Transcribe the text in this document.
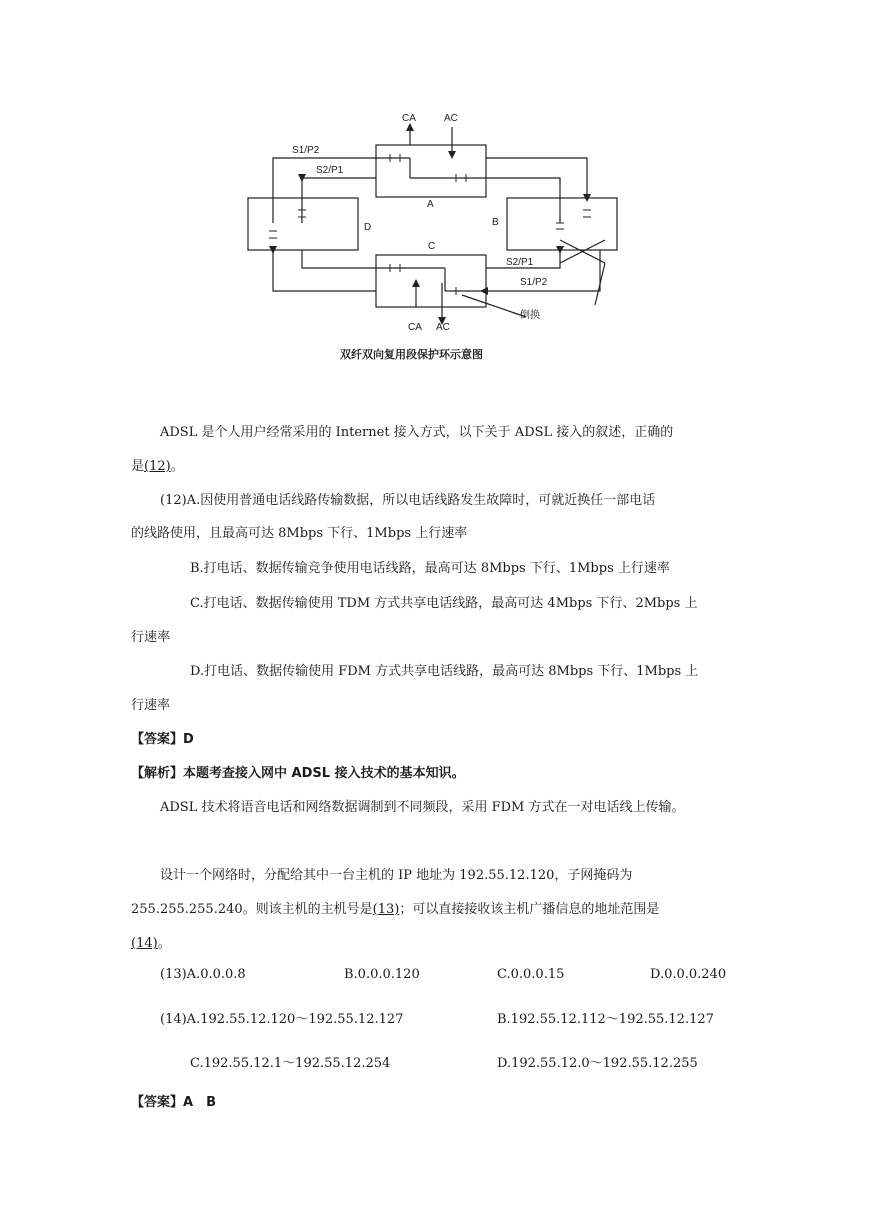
CA	AC
S1/P2
S2/P1
A
D	B
C
S2/P1
S1/P2
CA AC
倒换
双纤双向复用段保护环示意图
ADSL 是个人用户经常采用的 Internet 接入方式，以下关于 ADSL 接入的叙述，正确的
是(12)。
(12)A.因使用普通电话线路传输数据，所以电话线路发生故障时，可就近换任一部电话
的线路使用，且最高可达 8Mbps 下行、1Mbps 上行速率
B.打电话、数据传输竞争使用电话线路，最高可达 8Mbps 下行、1Mbps 上行速率
C.打电话、数据传输使用 TDM 方式共享电话线路，最高可达 4Mbps 下行、2Mbps 上
行速率
D.打电话、数据传输使用 FDM 方式共享电话线路，最高可达 8Mbps 下行、1Mbps 上
行速率
【答案】D
【解析】本题考查接入网中 ADSL 接入技术的基本知识。
ADSL 技术将语音电话和网络数据调制到不同频段，采用 FDM 方式在一对电话线上传输。
设计一个网络时，分配给其中一台主机的 IP 地址为 192.55.12.120，子网掩码为
255.255.255.240。则该主机的主机号是(13)；可以直接接收该主机广播信息的地址范围是
(14)。
(13)A.0.0.0.8	B.0.0.0.120	C.0.0.0.15	D.0.0.0.240
(14)A.192.55.12.120～192.55.12.127	B.192.55.12.112～192.55.12.127
C.192.55.12.1～192.55.12.254	D.192.55.12.0～192.55.12.255
【答案】A　B
